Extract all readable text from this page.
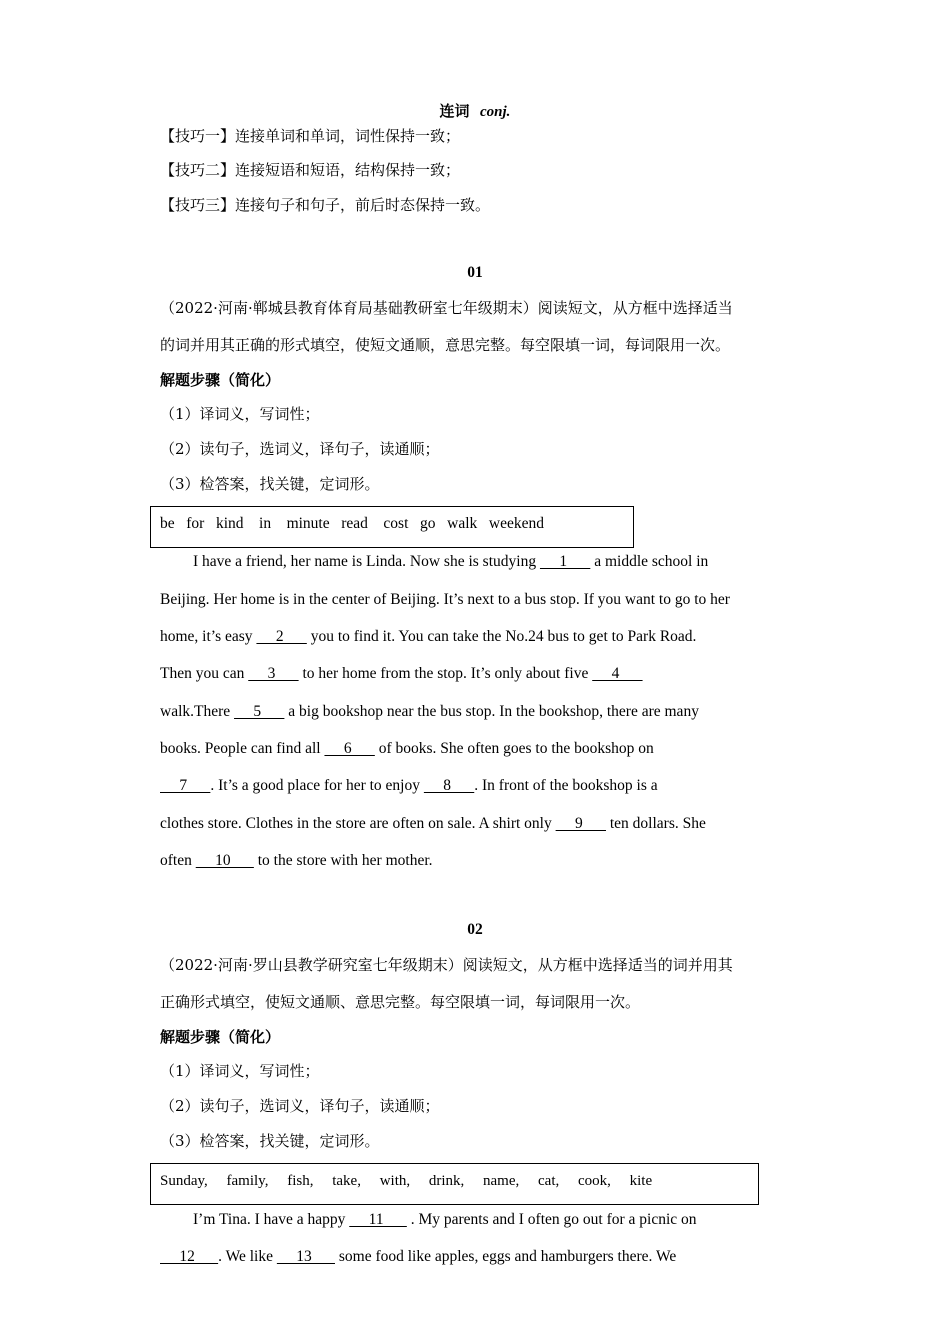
连词 conj.
【技巧一】连接单词和单词，词性保持一致；
【技巧二】连接短语和短语，结构保持一致；
【技巧三】连接句子和句子，前后时态保持一致。
01
（2022·河南·郸城县教育体育局基础教研室七年级期末）阅读短文，从方框中选择适当
的词并用其正确的形式填空，使短文通顺，意思完整。每空限填一词，每词限用一次。
解题步骤（简化）
（1）译词义，写词性；
（2）读句子，选词义，译句子，读通顺；
（3）检答案，找关键，定词形。
be   for   kind    in    minute   read    cost   go   walk   weekend
I have a friend, her name is Linda. Now she is studying      1       a middle school in
Beijing. Her home is in the center of Beijing. It’s next to a bus stop. If you want to go to her
home, it’s easy      2       you to find it. You can take the No.24 bus to get to Park Road.
Then you can      3       to her home from the stop. It’s only about five      4
walk.There      5       a big bookshop near the bus stop. In the bookshop, there are many
books. People can find all      6       of books. She often goes to the bookshop on
7      . It’s a good place for her to enjoy      8      . In front of the bookshop is a
clothes store. Clothes in the store are often on sale. A shirt only      9       ten dollars. She
often      10       to the store with her mother.
02
（2022·河南·罗山县教学研究室七年级期末）阅读短文，从方框中选择适当的词并用其
正确形式填空，使短文通顺、意思完整。每空限填一词，每词限用一次。
解题步骤（简化）
（1）译词义，写词性；
（2）读句子，选词义，译句子，读通顺；
（3）检答案，找关键，定词形。
Sunday,     family,     fish,     take,     with,     drink,     name,     cat,     cook,     kite
I’m Tina. I have a happy      11       . My parents and I often go out for a picnic on
12      . We like      13       some food like apples, eggs and hamburgers there. We
